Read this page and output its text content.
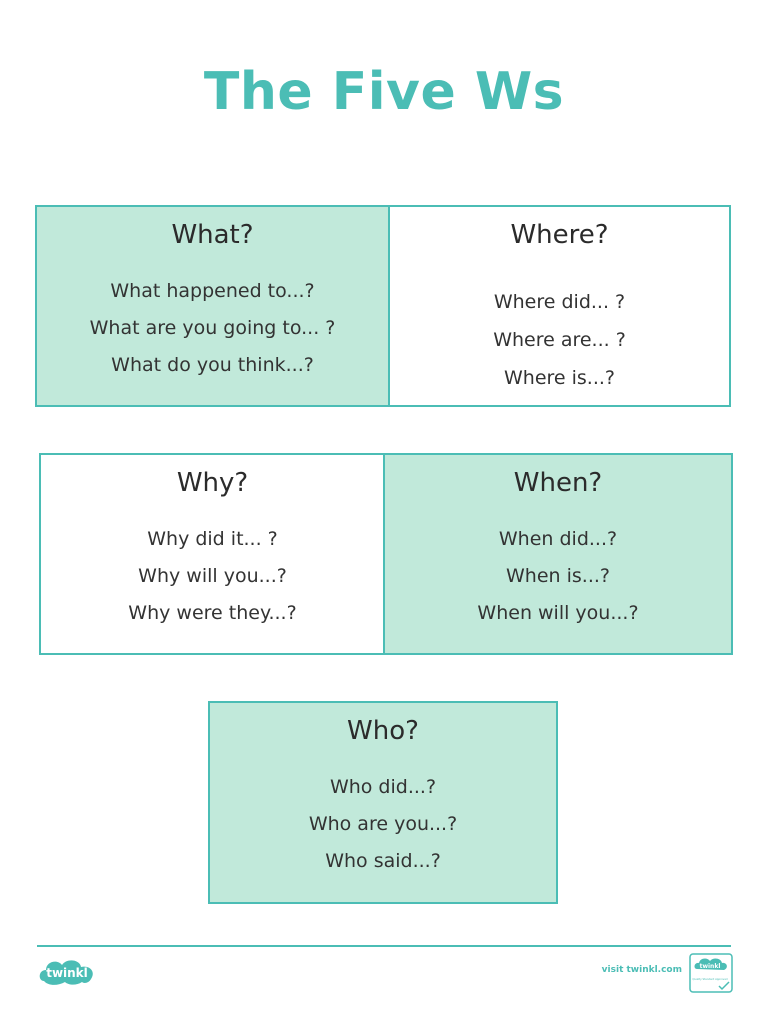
The Five Ws
What?
What happened to...?
What are you going to... ?
What do you think...?
Where?
Where did... ?
Where are... ?
Where is...?
Why?
Why did it... ?
Why will you...?
Why were they...?
When?
When did...?
When is...?
When will you...?
Who?
Who did...?
Who are you...?
Who said...?
twinkl	visit twinkl.com	twinkl
Quality Standard Approved
